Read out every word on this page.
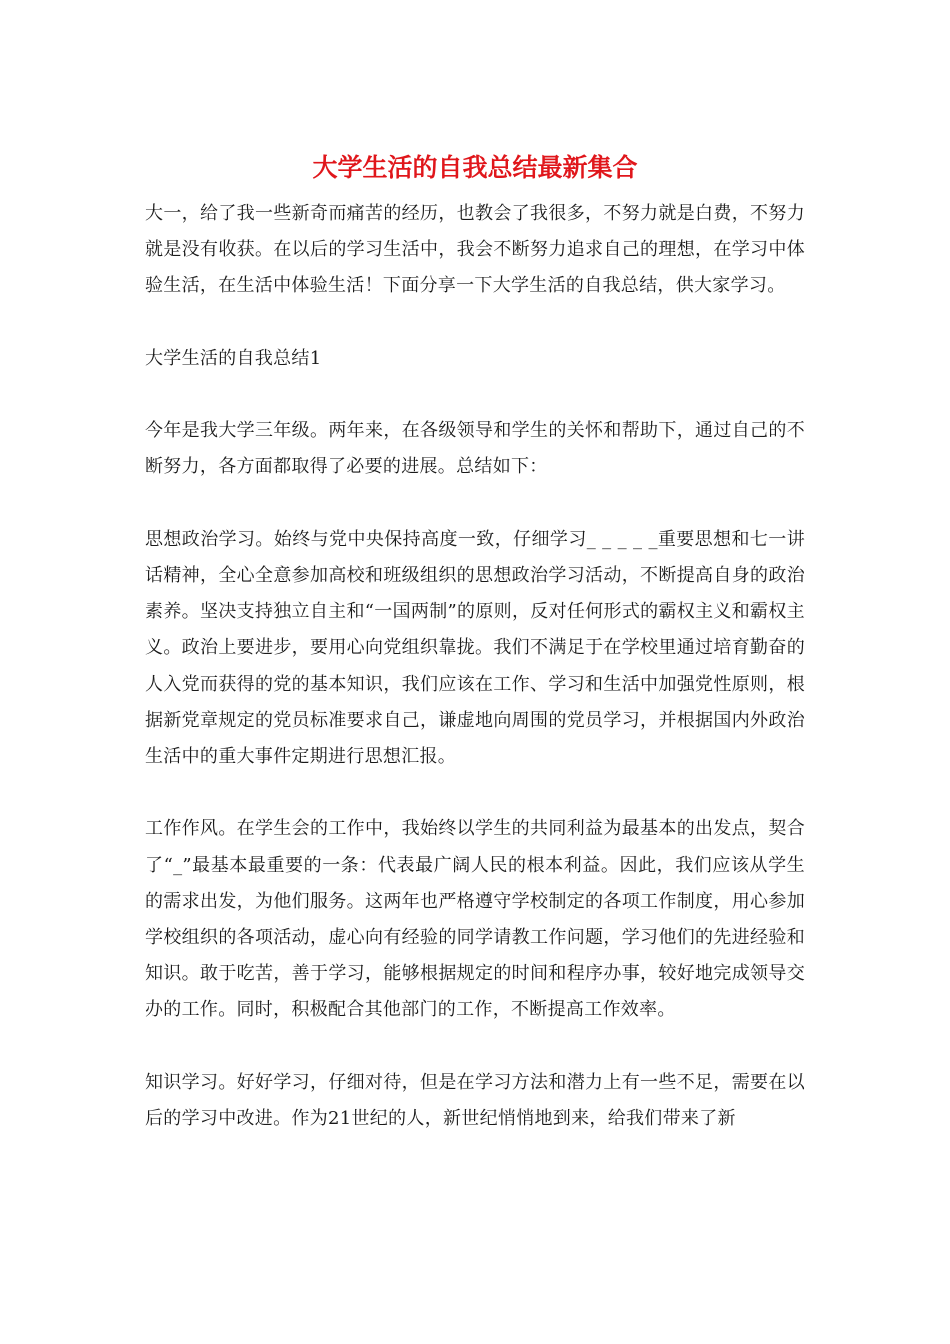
大学生活的自我总结最新集合

大一，给了我一些新奇而痛苦的经历，也教会了我很多，不努力就是白费，不努力就是没有收获。在以后的学习生活中，我会不断努力追求自己的理想，在学习中体验生活，在生活中体验生活！下面分享一下大学生活的自我总结，供大家学习。

大学生活的自我总结1

今年是我大学三年级。两年来，在各级领导和学生的关怀和帮助下，通过自己的不断努力，各方面都取得了必要的进展。总结如下：

思想政治学习。始终与党中央保持高度一致，仔细学习_ _ _ _ _重要思想和七一讲话精神，全心全意参加高校和班级组织的思想政治学习活动，不断提高自身的政治素养。坚决支持独立自主和“一国两制”的原则，反对任何形式的霸权主义和霸权主义。政治上要进步，要用心向党组织靠拢。我们不满足于在学校里通过培育勤奋的人入党而获得的党的基本知识，我们应该在工作、学习和生活中加强党性原则，根据新党章规定的党员标准要求自己，谦虚地向周围的党员学习，并根据国内外政治生活中的重大事件定期进行思想汇报。

工作作风。在学生会的工作中，我始终以学生的共同利益为最基本的出发点，契合了“_”最基本最重要的一条：代表最广阔人民的根本利益。因此，我们应该从学生的需求出发，为他们服务。这两年也严格遵守学校制定的各项工作制度，用心参加学校组织的各项活动，虚心向有经验的同学请教工作问题，学习他们的先进经验和知识。敢于吃苦，善于学习，能够根据规定的时间和程序办事，较好地完成领导交办的工作。同时，积极配合其他部门的工作，不断提高工作效率。

知识学习。好好学习，仔细对待，但是在学习方法和潜力上有一些不足，需要在以后的学习中改进。作为21世纪的人，新世纪悄悄地到来，给我们带来了新
